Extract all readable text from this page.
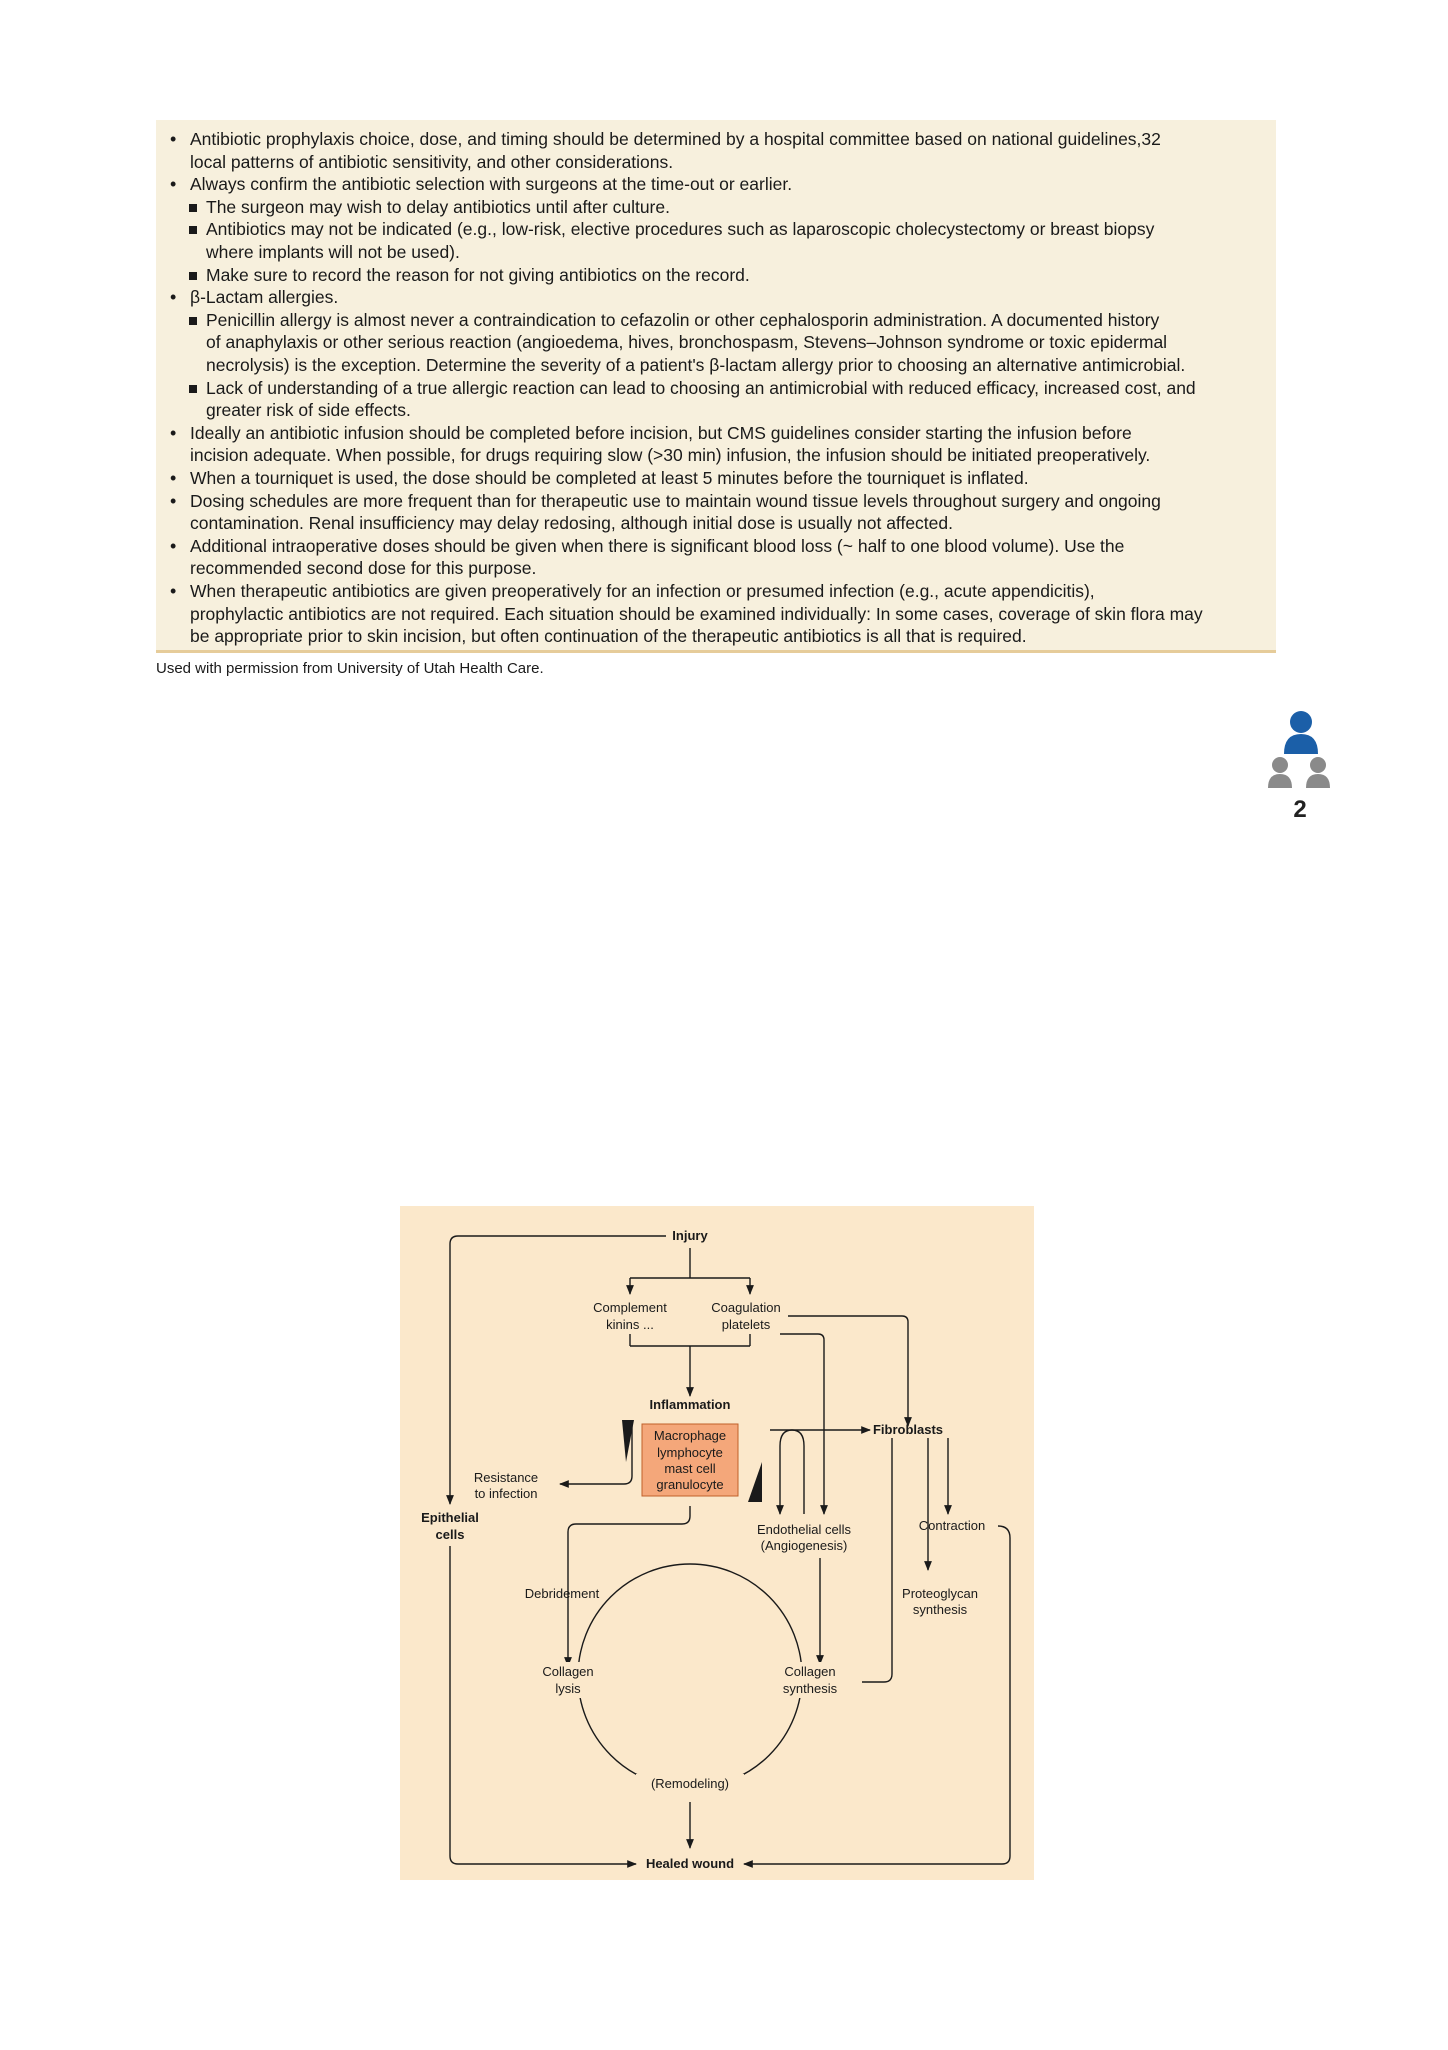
• Antibiotic prophylaxis choice, dose, and timing should be determined by a hospital committee based on national guidelines,32
local patterns of antibiotic sensitivity, and other considerations.
• Always confirm the antibiotic selection with surgeons at the time-out or earlier.
The surgeon may wish to delay antibiotics until after culture.
Antibiotics may not be indicated (e.g., low-risk, elective procedures such as laparoscopic cholecystectomy or breast biopsy
where implants will not be used).
Make sure to record the reason for not giving antibiotics on the record.
• β-Lactam allergies.
Penicillin allergy is almost never a contraindication to cefazolin or other cephalosporin administration. A documented history
of anaphylaxis or other serious reaction (angioedema, hives, bronchospasm, Stevens–Johnson syndrome or toxic epidermal
necrolysis) is the exception. Determine the severity of a patient's β-lactam allergy prior to choosing an alternative antimicrobial.
Lack of understanding of a true allergic reaction can lead to choosing an antimicrobial with reduced efficacy, increased cost, and
greater risk of side effects.
• Ideally an antibiotic infusion should be completed before incision, but CMS guidelines consider starting the infusion before
incision adequate. When possible, for drugs requiring slow (>30 min) infusion, the infusion should be initiated preoperatively.
• When a tourniquet is used, the dose should be completed at least 5 minutes before the tourniquet is inflated.
• Dosing schedules are more frequent than for therapeutic use to maintain wound tissue levels throughout surgery and ongoing
contamination. Renal insufficiency may delay redosing, although initial dose is usually not affected.
• Additional intraoperative doses should be given when there is significant blood loss (~ half to one blood volume). Use the
recommended second dose for this purpose.
• When therapeutic antibiotics are given preoperatively for an infection or presumed infection (e.g., acute appendicitis),
prophylactic antibiotics are not required. Each situation should be examined individually: In some cases, coverage of skin flora may
be appropriate prior to skin incision, but often continuation of the therapeutic antibiotics is all that is required.
Used with permission from University of Utah Health Care.
2
Injury
Complement
kinins ...
Coagulation
platelets
Inflammation
Macrophage
lymphocyte
mast cell
granulocyte
Resistance
to infection
Fibroblasts
Epithelial
cells	Endothelial cells
(Angiogenesis)
Contraction
Debridement	Proteoglycan
synthesis
Collagen
lysis
Collagen
synthesis
(Remodeling)
Healed wound
